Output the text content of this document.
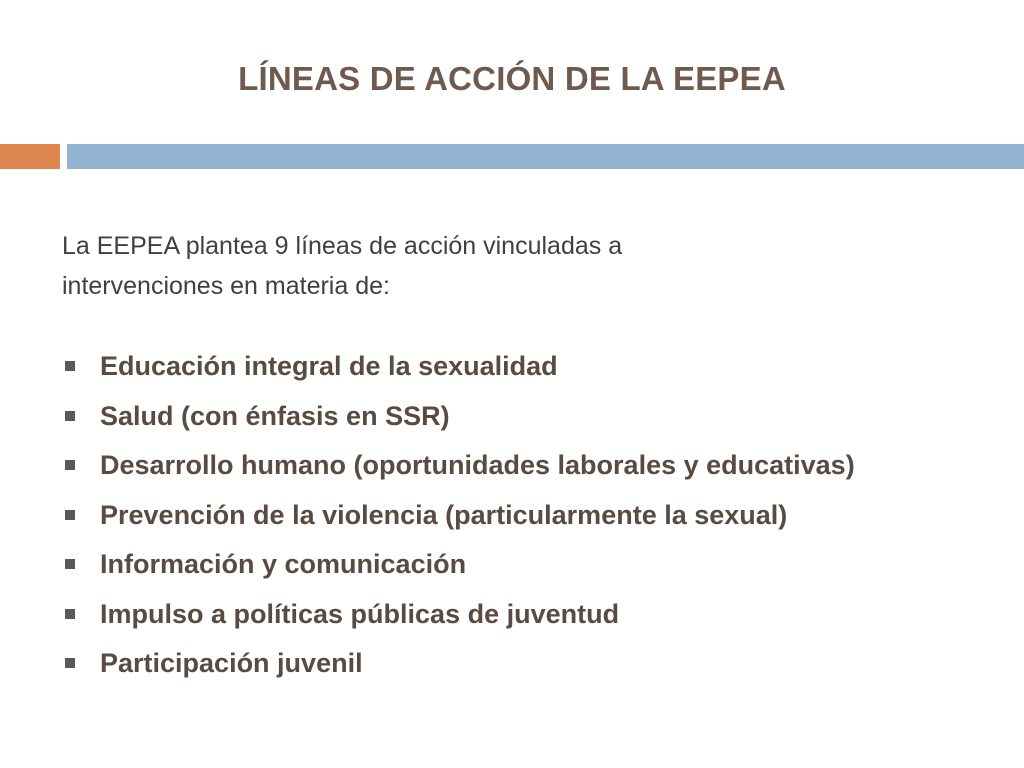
LÍNEAS DE ACCIÓN DE LA EEPEA
La EEPEA plantea 9 líneas de acción vinculadas a
intervenciones en materia de:
Educación integral de la sexualidad
Salud (con énfasis en SSR)
Desarrollo humano (oportunidades laborales y educativas)
Prevención de la violencia (particularmente la sexual)
Información y comunicación
Impulso a políticas públicas de juventud
Participación juvenil
